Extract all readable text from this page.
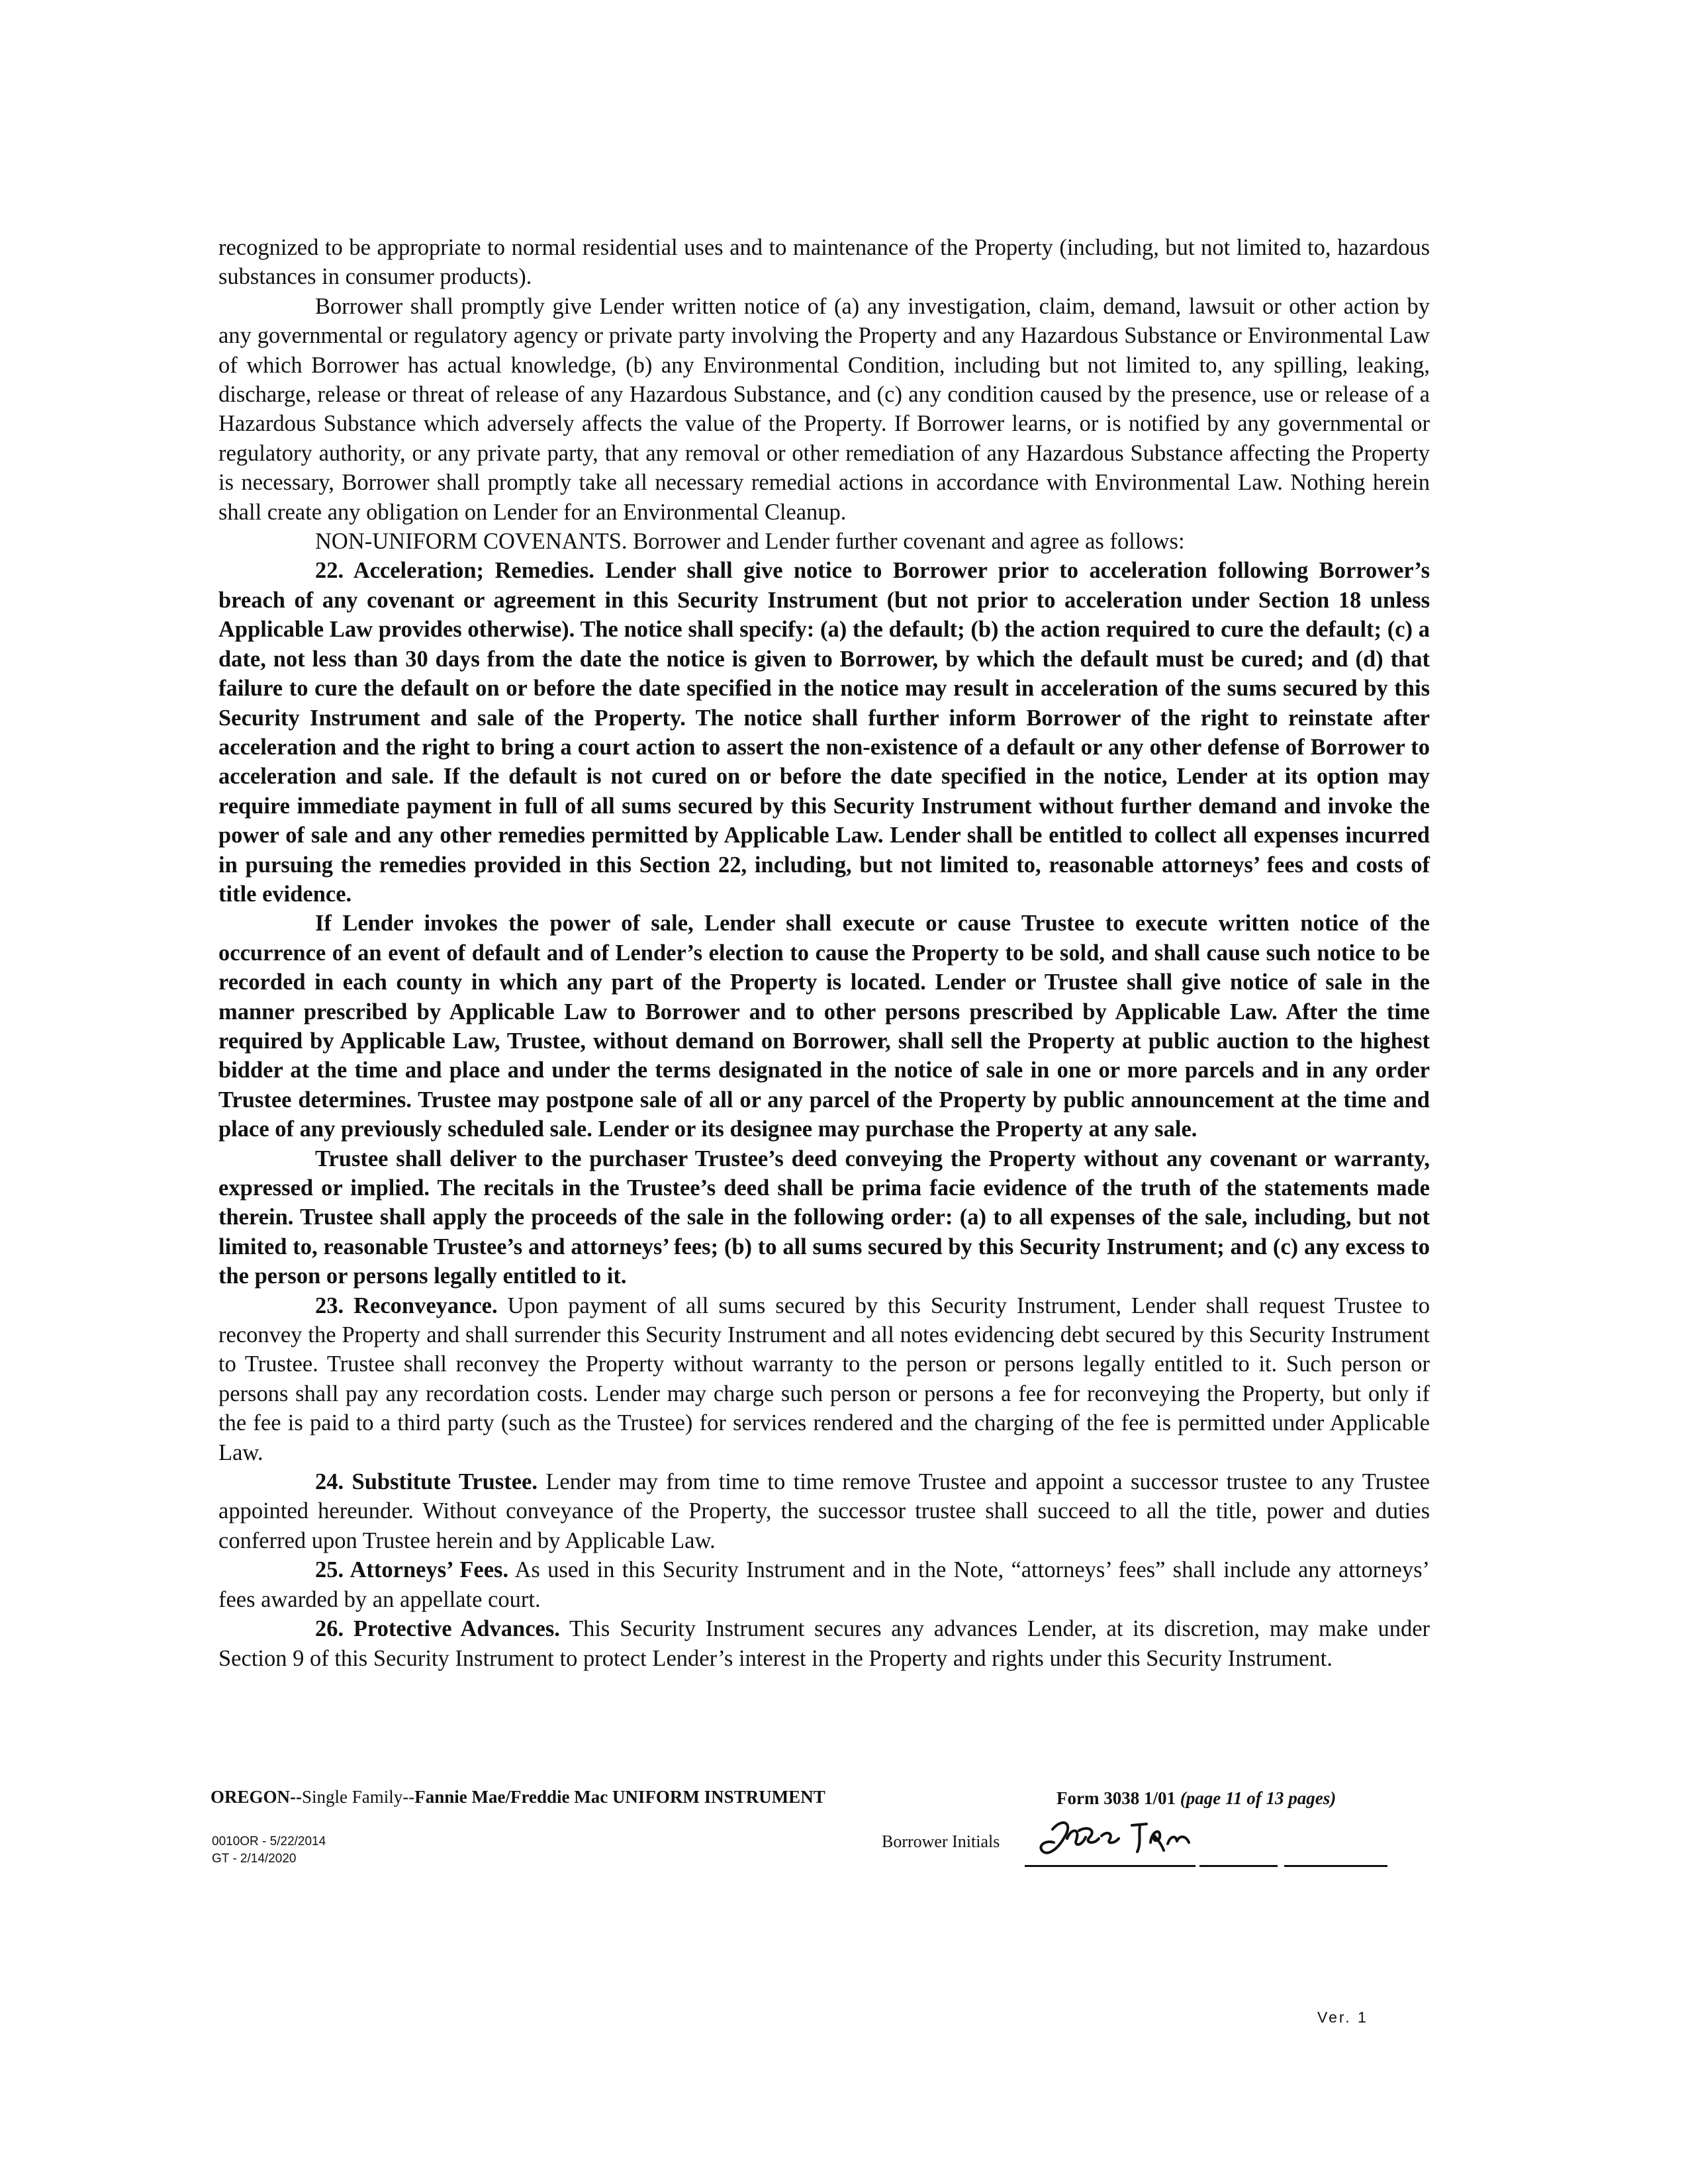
recognized to be appropriate to normal residential uses and to maintenance of the Property (including, but not limited to, hazardous substances in consumer products).

Borrower shall promptly give Lender written notice of (a) any investigation, claim, demand, lawsuit or other action by any governmental or regulatory agency or private party involving the Property and any Hazardous Substance or Environmental Law of which Borrower has actual knowledge, (b) any Environmental Condition, including but not limited to, any spilling, leaking, discharge, release or threat of release of any Hazardous Substance, and (c) any condition caused by the presence, use or release of a Hazardous Substance which adversely affects the value of the Property. If Borrower learns, or is notified by any governmental or regulatory authority, or any private party, that any removal or other remediation of any Hazardous Substance affecting the Property is necessary, Borrower shall promptly take all necessary remedial actions in accordance with Environmental Law. Nothing herein shall create any obligation on Lender for an Environmental Cleanup.

NON-UNIFORM COVENANTS. Borrower and Lender further covenant and agree as follows:

22. Acceleration; Remedies. Lender shall give notice to Borrower prior to acceleration following Borrower’s breach of any covenant or agreement in this Security Instrument (but not prior to acceleration under Section 18 unless Applicable Law provides otherwise). The notice shall specify: (a) the default; (b) the action required to cure the default; (c) a date, not less than 30 days from the date the notice is given to Borrower, by which the default must be cured; and (d) that failure to cure the default on or before the date specified in the notice may result in acceleration of the sums secured by this Security Instrument and sale of the Property. The notice shall further inform Borrower of the right to reinstate after acceleration and the right to bring a court action to assert the non-existence of a default or any other defense of Borrower to acceleration and sale. If the default is not cured on or before the date specified in the notice, Lender at its option may require immediate payment in full of all sums secured by this Security Instrument without further demand and invoke the power of sale and any other remedies permitted by Applicable Law. Lender shall be entitled to collect all expenses incurred in pursuing the remedies provided in this Section 22, including, but not limited to, reasonable attorneys’ fees and costs of title evidence.

If Lender invokes the power of sale, Lender shall execute or cause Trustee to execute written notice of the occurrence of an event of default and of Lender’s election to cause the Property to be sold, and shall cause such notice to be recorded in each county in which any part of the Property is located. Lender or Trustee shall give notice of sale in the manner prescribed by Applicable Law to Borrower and to other persons prescribed by Applicable Law. After the time required by Applicable Law, Trustee, without demand on Borrower, shall sell the Property at public auction to the highest bidder at the time and place and under the terms designated in the notice of sale in one or more parcels and in any order Trustee determines. Trustee may postpone sale of all or any parcel of the Property by public announcement at the time and place of any previously scheduled sale. Lender or its designee may purchase the Property at any sale.

Trustee shall deliver to the purchaser Trustee’s deed conveying the Property without any covenant or warranty, expressed or implied. The recitals in the Trustee’s deed shall be prima facie evidence of the truth of the statements made therein. Trustee shall apply the proceeds of the sale in the following order: (a) to all expenses of the sale, including, but not limited to, reasonable Trustee’s and attorneys’ fees; (b) to all sums secured by this Security Instrument; and (c) any excess to the person or persons legally entitled to it.

23. Reconveyance. Upon payment of all sums secured by this Security Instrument, Lender shall request Trustee to reconvey the Property and shall surrender this Security Instrument and all notes evidencing debt secured by this Security Instrument to Trustee. Trustee shall reconvey the Property without warranty to the person or persons legally entitled to it. Such person or persons shall pay any recordation costs. Lender may charge such person or persons a fee for reconveying the Property, but only if the fee is paid to a third party (such as the Trustee) for services rendered and the charging of the fee is permitted under Applicable Law.

24. Substitute Trustee. Lender may from time to time remove Trustee and appoint a successor trustee to any Trustee appointed hereunder. Without conveyance of the Property, the successor trustee shall succeed to all the title, power and duties conferred upon Trustee herein and by Applicable Law.

25. Attorneys’ Fees. As used in this Security Instrument and in the Note, “attorneys’ fees” shall include any attorneys’ fees awarded by an appellate court.

26. Protective Advances. This Security Instrument secures any advances Lender, at its discretion, may make under Section 9 of this Security Instrument to protect Lender’s interest in the Property and rights under this Security Instrument.

OREGON--Single Family--Fannie Mae/Freddie Mac UNIFORM INSTRUMENT	Form 3038 1/01 (page 11 of 13 pages)
0010OR - 5/22/2014
GT - 2/14/2020
Borrower Initials
Ver. 1
